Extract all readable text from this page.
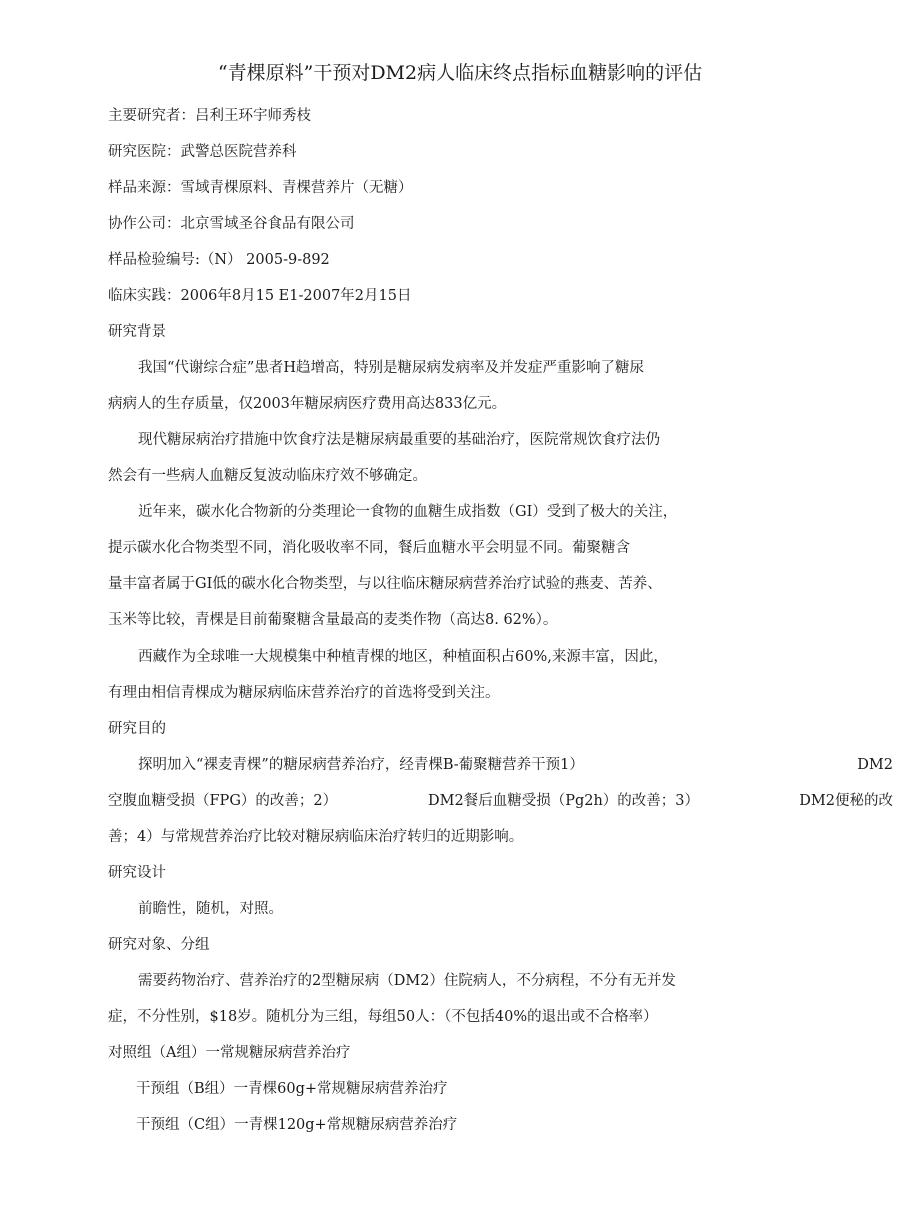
“青棵原料”干预对DM2病人临床终点指标血糖影响的评估
主要研究者：吕利王环宇师秀枝
研究医院：武警总医院营养科
样品来源：雪域青棵原料、青棵营养片（无糖）
协作公司：北京雪域圣谷食品有限公司
样品检验编号:（N） 2005-9-892
临床实践：2006年8月15 E1-2007年2月15日
研究背景
我国“代谢综合症”患者H趋增高，特别是糖尿病发病率及并发症严重影响了糖尿
病病人的生存质量，仅2003年糖尿病医疗费用高达833亿元。
现代糖尿病治疗措施中饮食疗法是糖尿病最重要的基础治疗，医院常规饮食疗法仍
然会有一些病人血糖反复波动临床疗效不够确定。
近年来，碳水化合物新的分类理论一食物的血糖生成指数（GI）受到了极大的关注，
提示碳水化合物类型不同，消化吸收率不同，餐后血糖水平会明显不同。葡聚糖含
量丰富者属于GI低的碳水化合物类型，与以往临床糖尿病营养治疗试验的燕麦、苦养、
玉米等比较，青棵是目前葡聚糖含量最高的麦类作物（高达8. 62%）。
西藏作为全球唯一大规模集中种植青棵的地区，种植面积占60%,来源丰富，因此，
有理由相信青棵成为糖尿病临床营养治疗的首选将受到关注。
研究目的
探明加入“裸麦青棵”的糖尿病营养治疗，经青棵B-葡聚糖营养干预1）	DM2
空腹血糖受损（FPG）的改善；2）	DM2餐后血糖受损（Pg2h）的改善；3）	DM2便秘的改
善；4）与常规营养治疗比较对糖尿病临床治疗转归的近期影响。
研究设计
前瞻性，随机，对照。
研究对象、分组
需要药物治疗、营养治疗的2型糖尿病（DM2）住院病人，不分病程，不分有无并发
症，不分性别，$18岁。随机分为三组，每组50人：（不包括40%的退出或不合格率）
对照组（A组）一常规糖尿病营养治疗
干预组（B组）一青棵60g+常规糖尿病营养治疗
干预组（C组）一青棵120g+常规糖尿病营养治疗
